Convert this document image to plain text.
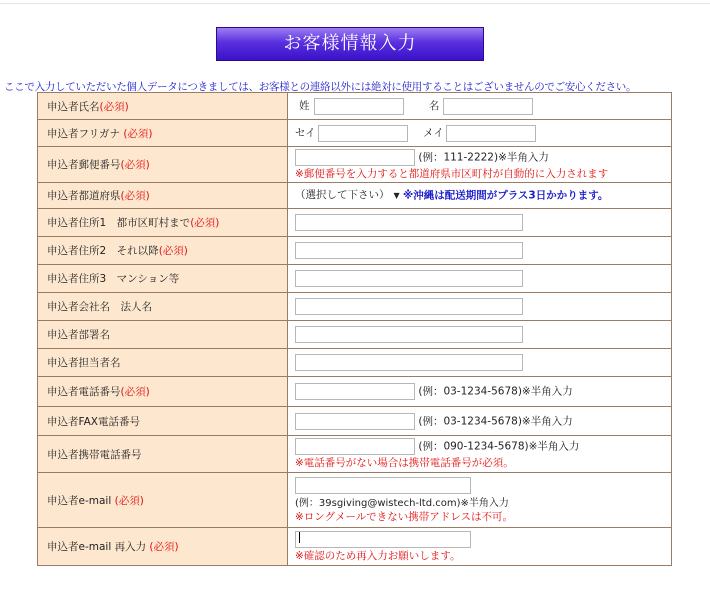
お客様情報入力
ここで入力していただいた個人データにつきましては、お客様との連絡以外には絶対に使用することはございませんのでご安心ください。
申込者氏名(必須)	姓 名
申込者フリガナ (必須)	セイ メイ
申込者郵便番号(必須)	(例：111-2222)※半角入力
※郵便番号を入力すると都道府県市区町村が自動的に入力されます

申込者都道府県(必須)	（選択して下さい） ▼ ※沖縄は配送期間がプラス3日かかります。
申込者住所1　都市区町村まで(必須)	
申込者住所2　それ以降(必須)	
申込者住所3　マンション等	
申込者会社名　法人名	
申込者部署名	
申込者担当者名	
申込者電話番号(必須)	(例：03-1234-5678)※半角入力
申込者FAX電話番号	(例：03-1234-5678)※半角入力
申込者携帯電話番号	(例：090-1234-5678)※半角入力
※電話番号がない場合は携帯電話番号が必須。

申込者e-mail (必須)	(例：39sgiving@wistech-ltd.com)※半角入力
※ロングメールできない携帯アドレスは不可。

申込者e-mail 再入力 (必須)	※確認のため再入力お願いします。
